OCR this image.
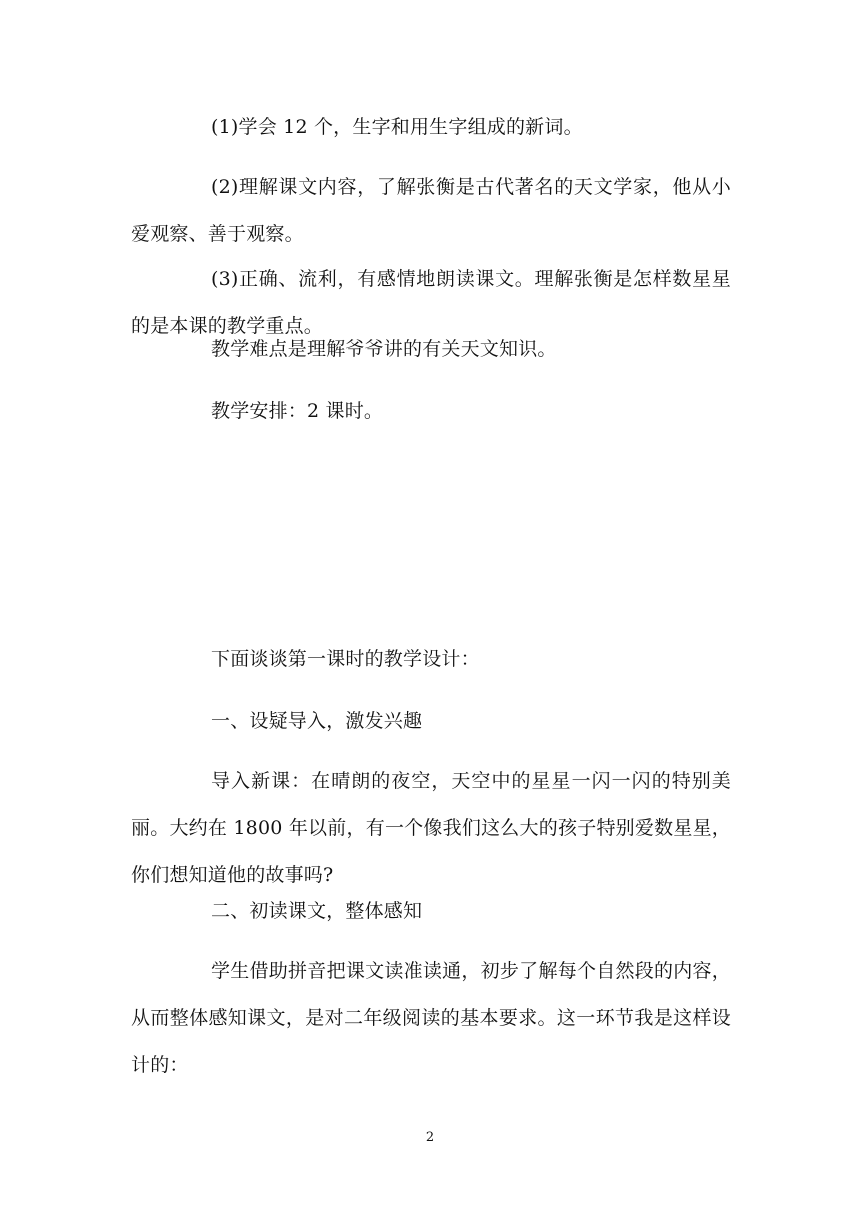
(1)学会 12 个，生字和用生字组成的新词。

(2)理解课文内容，了解张衡是古代著名的天文学家，他从小爱观察、善于观察。

(3)正确、流利，有感情地朗读课文。理解张衡是怎样数星星的是本课的教学重点。

教学难点是理解爷爷讲的有关天文知识。

教学安排：2 课时。

下面谈谈第一课时的教学设计：

一、设疑导入，激发兴趣

导入新课：在晴朗的夜空，天空中的星星一闪一闪的特别美丽。大约在 1800 年以前，有一个像我们这么大的孩子特别爱数星星，你们想知道他的故事吗?

二、初读课文，整体感知

学生借助拼音把课文读准读通，初步了解每个自然段的内容，从而整体感知课文，是对二年级阅读的基本要求。这一环节我是这样设计的：

2
